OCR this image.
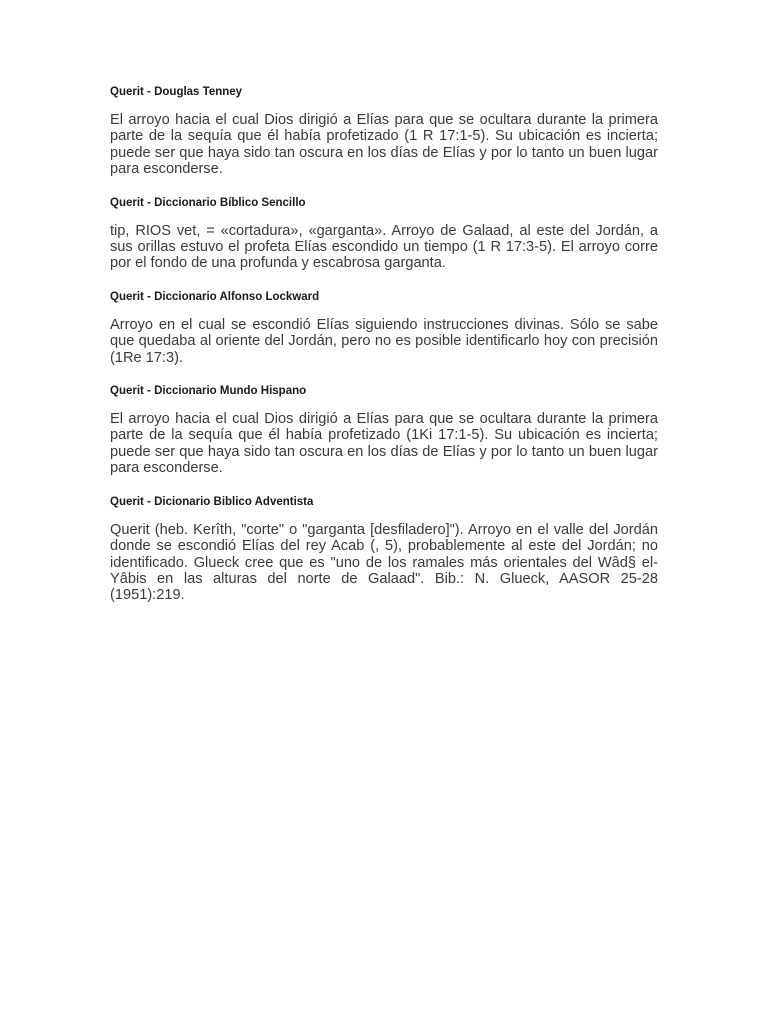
Querit - Douglas Tenney

El arroyo hacia el cual Dios dirigió a Elías para que se ocultara durante la primera parte de la sequía que él había profetizado (1 R 17:1-5). Su ubicación es incierta; puede ser que haya sido tan oscura en los días de Elías y por lo tanto un buen lugar para esconderse.

Querit - Diccionario Bíblico Sencillo

tip, RIOS vet, = «cortadura», «garganta». Arroyo de Galaad, al este del Jordán, a sus orillas estuvo el profeta Elías escondido un tiempo (1 R 17:3-5). El arroyo corre por el fondo de una profunda y escabrosa garganta.

Querit - Diccionario Alfonso Lockward

Arroyo en el cual se escondió Elías siguiendo instrucciones divinas. Sólo se sabe que quedaba al oriente del Jordán, pero no es posible identificarlo hoy con precisión (1Re 17:3).

Querit - Diccionario Mundo Hispano

El arroyo hacia el cual Dios dirigió a Elías para que se ocultara durante la primera parte de la sequía que él había profetizado (1Ki 17:1-5). Su ubicación es incierta; puede ser que haya sido tan oscura en los días de Elías y por lo tanto un buen lugar para esconderse.

Querit - Dicionario Biblico Adventista

Querit (heb. Kerîth, "corte" o "garganta [desfiladero]"). Arroyo en el valle del Jordán donde se escondió Elías del rey Acab (, 5), probablemente al este del Jordán; no identificado. Glueck cree que es "uno de los ramales más orientales del Wâd§ el-Yâbis en las alturas del norte de Galaad". Bib.: N. Glueck, AASOR 25-28 (1951):219.
